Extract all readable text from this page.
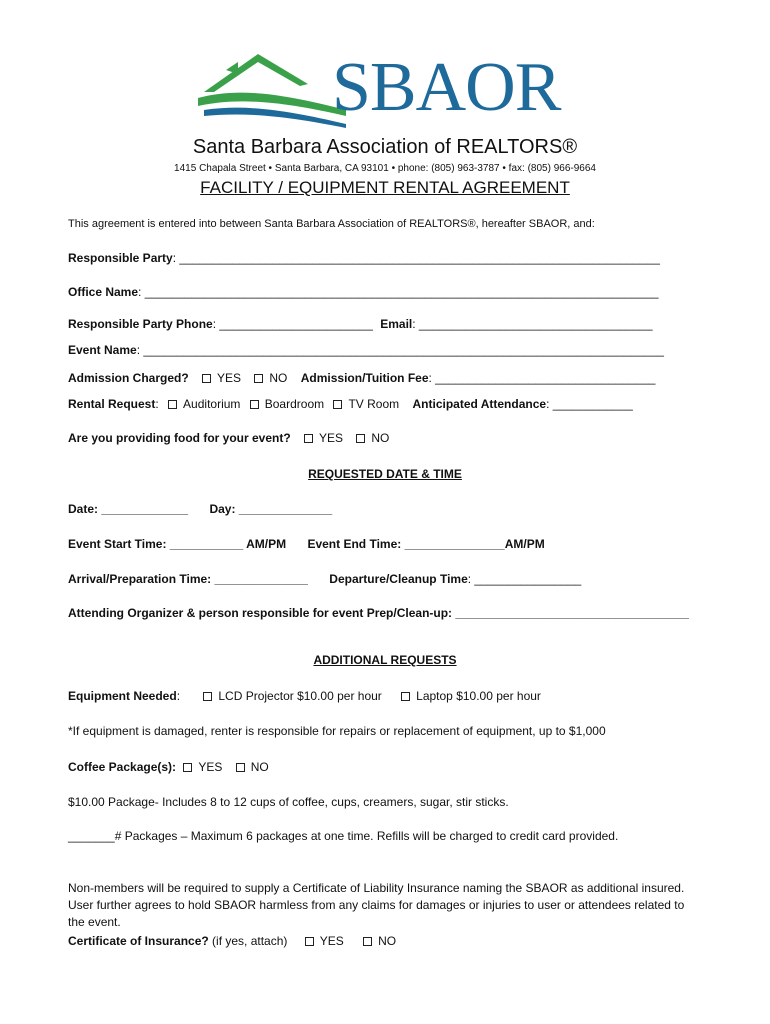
SBAOR
Santa Barbara Association of REALTORS®
1415 Chapala Street • Santa Barbara, CA 93101 • phone: (805) 963-3787 • fax: (805) 966-9664
FACILITY / EQUIPMENT RENTAL AGREEMENT
This agreement is entered into between Santa Barbara Association of REALTORS®, hereafter SBAOR, and:
Responsible Party: ________________________________________________________________________
Office Name: _____________________________________________________________________________
Responsible Party Phone: _______________________ Email: ___________________________________
Event Name: ______________________________________________________________________________
Admission Charged? YES NO Admission/Tuition Fee: _________________________________
Rental Request: Auditorium Boardroom TV Room Anticipated Attendance: ____________
Are you providing food for your event? YES NO
REQUESTED DATE & TIME
Date: _____________ Day: ______________
Event Start Time: ___________ AM/PM Event End Time: _______________AM/PM
Arrival/Preparation Time: ______________ Departure/Cleanup Time: ________________
Attending Organizer & person responsible for event Prep/Clean-up: ___________________________________
ADDITIONAL REQUESTS
Equipment Needed:	LCD Projector $10.00 per hour	Laptop $10.00 per hour
*If equipment is damaged, renter is responsible for repairs or replacement of equipment, up to $1,000
Coffee Package(s): YES NO
$10.00 Package- Includes 8 to 12 cups of coffee, cups, creamers, sugar, stir sticks.
_______# Packages – Maximum 6 packages at one time. Refills will be charged to credit card provided.
Non-members will be required to supply a Certificate of Liability Insurance naming the SBAOR as additional insured. User further agrees to hold SBAOR harmless from any claims for damages or injuries to user or attendees related to the event.
Certificate of Insurance? (if yes, attach)	YES	NO
